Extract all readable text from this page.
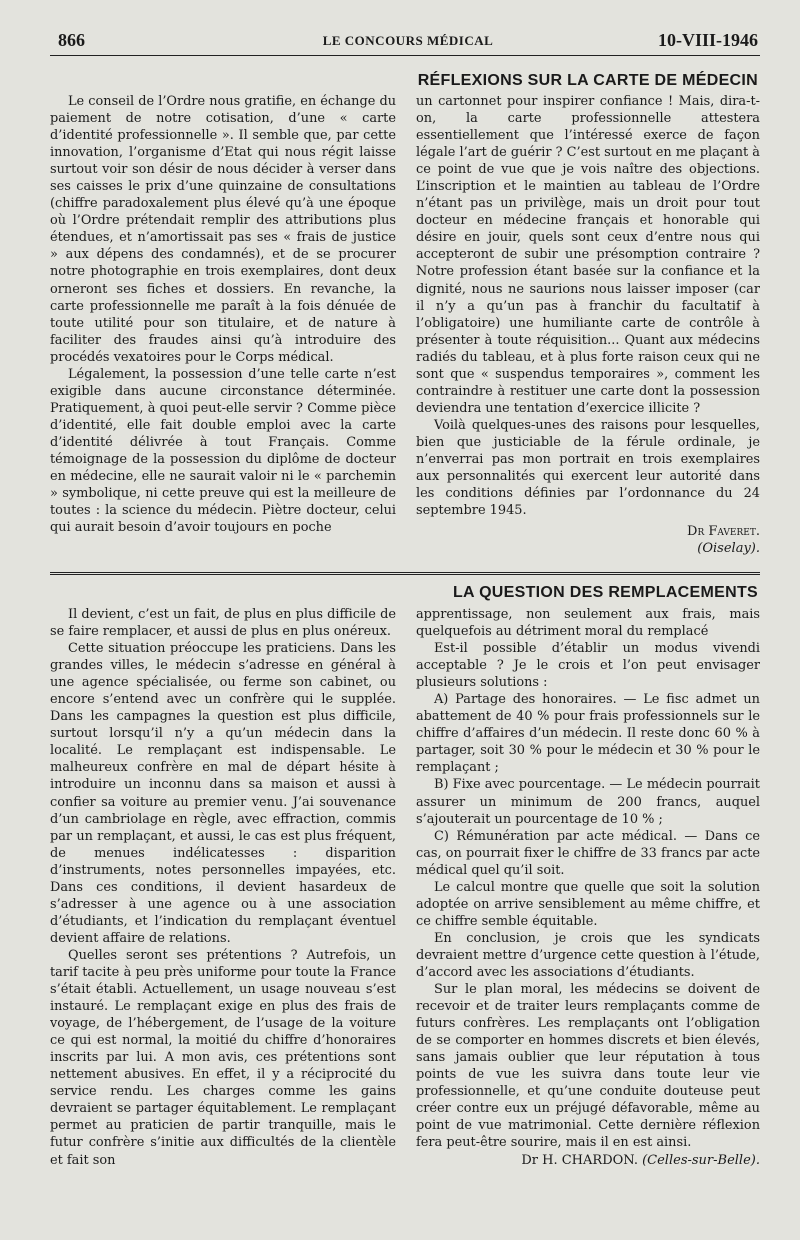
866	LE CONCOURS MÉDICAL	10-VIII-1946
RÉFLEXIONS SUR LA CARTE DE MÉDECIN

Le conseil de l’Ordre nous gratifie, en échange du paiement de notre cotisation, d’une « carte d’identité professionnelle ». Il semble que, par cette innovation, l’organisme d’Etat qui nous régit laisse surtout voir son désir de nous décider à verser dans ses caisses le prix d’une quinzaine de consultations (chiffre paradoxalement plus élevé qu’à une époque où l’Ordre prétendait remplir des attributions plus étendues, et n’amortissait pas ses « frais de justice » aux dépens des condamnés), et de se procurer notre photographie en trois exemplaires, dont deux orneront ses fiches et dossiers. En revanche, la carte professionnelle me paraît à la fois dénuée de toute utilité pour son titulaire, et de nature à faciliter des fraudes ainsi qu’à introduire des procédés vexatoires pour le Corps médical.

Légalement, la possession d’une telle carte n’est exigible dans aucune circonstance déterminée. Pratiquement, à quoi peut-elle servir ? Comme pièce d’identité, elle fait double emploi avec la carte d’identité délivrée à tout Français. Comme témoignage de la possession du diplôme de docteur en médecine, elle ne saurait valoir ni le « parchemin » symbolique, ni cette preuve qui est la meilleure de toutes : la science du médecin. Piètre docteur, celui qui aurait besoin d’avoir toujours en poche

un cartonnet pour inspirer confiance ! Mais, dira-t-on, la carte professionnelle attestera essentiellement que l’intéressé exerce de façon légale l’art de guérir ? C’est surtout en me plaçant à ce point de vue que je vois naître des objections. L’inscription et le maintien au tableau de l’Ordre n’étant pas un privilège, mais un droit pour tout docteur en médecine français et honorable qui désire en jouir, quels sont ceux d’entre nous qui accepteront de subir une présomption contraire ? Notre profession étant basée sur la confiance et la dignité, nous ne saurions nous laisser imposer (car il n’y a qu’un pas à franchir du facultatif à l’obligatoire) une humiliante carte de contrôle à présenter à toute réquisition... Quant aux médecins radiés du tableau, et à plus forte raison ceux qui ne sont que « suspendus temporaires », comment les contraindre à restituer une carte dont la possession deviendra une tentation d’exercice illicite ?

Voilà quelques-unes des raisons pour lesquelles, bien que justiciable de la férule ordinale, je n’enverrai pas mon portrait en trois exemplaires aux personnalités qui exercent leur autorité dans les conditions définies par l’ordonnance du 24 septembre 1945.

Dr Faveret.
(Oiselay).
LA QUESTION DES REMPLACEMENTS

Il devient, c’est un fait, de plus en plus difficile de se faire remplacer, et aussi de plus en plus onéreux.

Cette situation préoccupe les praticiens. Dans les grandes villes, le médecin s’adresse en général à une agence spécialisée, ou ferme son cabinet, ou encore s’entend avec un confrère qui le supplée. Dans les campagnes la question est plus difficile, surtout lorsqu’il n’y a qu’un médecin dans la localité. Le remplaçant est indispensable. Le malheureux confrère en mal de départ hésite à introduire un inconnu dans sa maison et aussi à confier sa voiture au premier venu. J’ai souvenance d’un cambriolage en règle, avec effraction, commis par un remplaçant, et aussi, le cas est plus fréquent, de menues indélicatesses : disparition d’instruments, notes personnelles impayées, etc. Dans ces conditions, il devient hasardeux de s’adresser à une agence ou à une association d’étudiants, et l’indication du remplaçant éventuel devient affaire de relations.

Quelles seront ses prétentions ? Autrefois, un tarif tacite à peu près uniforme pour toute la France s’était établi. Actuellement, un usage nouveau s’est instauré. Le remplaçant exige en plus des frais de voyage, de l’hébergement, de l’usage de la voiture ce qui est normal, la moitié du chiffre d’honoraires inscrits par lui. A mon avis, ces prétentions sont nettement abusives. En effet, il y a réciprocité du service rendu. Les charges comme les gains devraient se partager équitablement. Le remplaçant permet au praticien de partir tranquille, mais le futur confrère s’initie aux difficultés de la clientèle et fait son

apprentissage, non seulement aux frais, mais quelquefois au détriment moral du remplacé

Est-il possible d’établir un modus vivendi acceptable ? Je le crois et l’on peut envisager plusieurs solutions :

A) Partage des honoraires. — Le fisc admet un abattement de 40 % pour frais professionnels sur le chiffre d’affaires d’un médecin. Il reste donc 60 % à partager, soit 30 % pour le médecin et 30 % pour le remplaçant ;

B) Fixe avec pourcentage. — Le médecin pourrait assurer un minimum de 200 francs, auquel s’ajouterait un pourcentage de 10 % ;

C) Rémunération par acte médical. — Dans ce cas, on pourrait fixer le chiffre de 33 francs par acte médical quel qu’il soit.

Le calcul montre que quelle que soit la solution adoptée on arrive sensiblement au même chiffre, et ce chiffre semble équitable.

En conclusion, je crois que les syndicats devraient mettre d’urgence cette question à l’étude, d’accord avec les associations d’étudiants.

Sur le plan moral, les médecins se doivent de recevoir et de traiter leurs remplaçants comme de futurs confrères. Les remplaçants ont l’obligation de se comporter en hommes discrets et bien élevés, sans jamais oublier que leur réputation à tous points de vue les suivra dans toute leur vie professionnelle, et qu’une conduite douteuse peut créer contre eux un préjugé défavorable, même au point de vue matrimonial. Cette dernière réflexion fera peut-être sourire, mais il en est ainsi.

Dr H. CHARDON. (Celles-sur-Belle).
